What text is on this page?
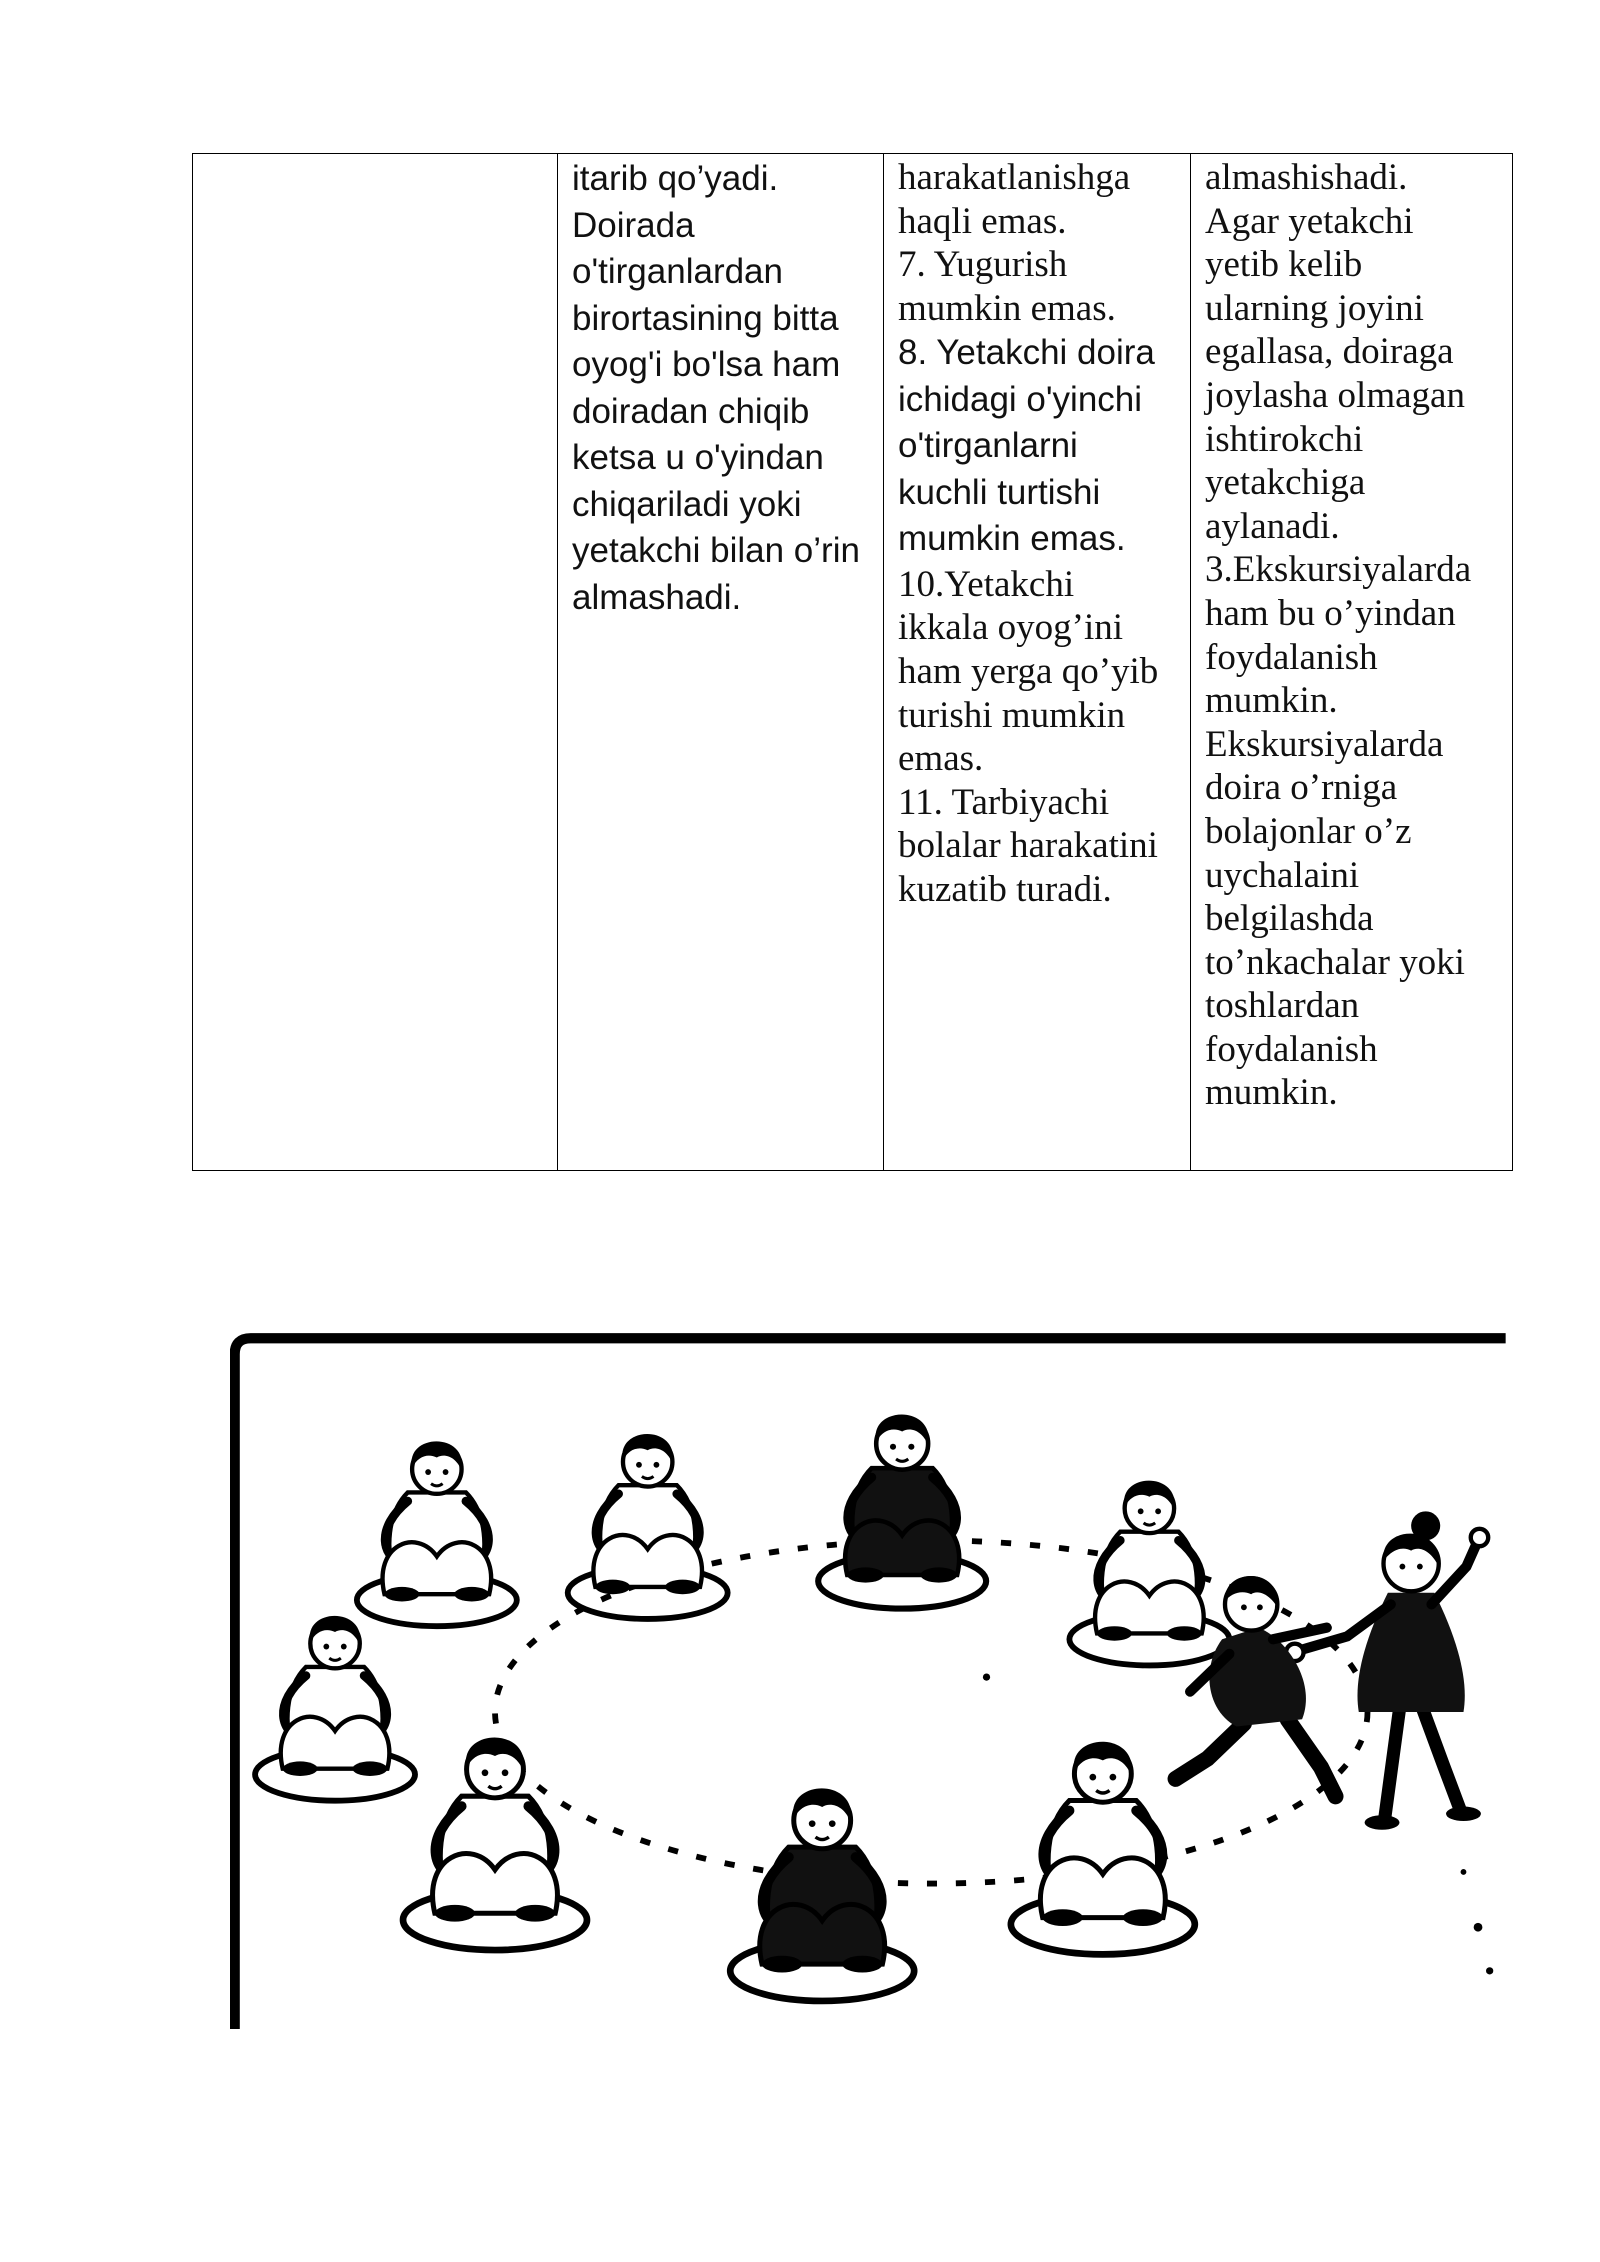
itarib qo’yadi.
Doirada
o'tirganlardan
birortasining bitta
oyog'i bo'lsa ham
doiradan chiqib
ketsa u o'yindan
chiqariladi yoki
yetakchi bilan o’rin
almashadi.
harakatlanishga
haqli emas.
7. Yugurish
mumkin emas.
8. Yetakchi doira
ichidagi o'yinchi
o'tirganlarni
kuchli turtishi
mumkin emas.
10.Yetakchi
ikkala oyog’ini
ham yerga qo’yib
turishi mumkin
emas.
11. Tarbiyachi
bolalar harakatini
kuzatib turadi.
almashishadi.
Agar yetakchi
yetib kelib
ularning joyini
egallasa, doiraga
joylasha olmagan
ishtirokchi
yetakchiga
aylanadi.
3.Ekskursiyalarda
ham bu o’yindan
foydalanish
mumkin.
Ekskursiyalarda
doira o’rniga
bolajonlar o’z
uychalaini
belgilashda
to’nkachalar yoki
toshlardan
foydalanish
mumkin.
